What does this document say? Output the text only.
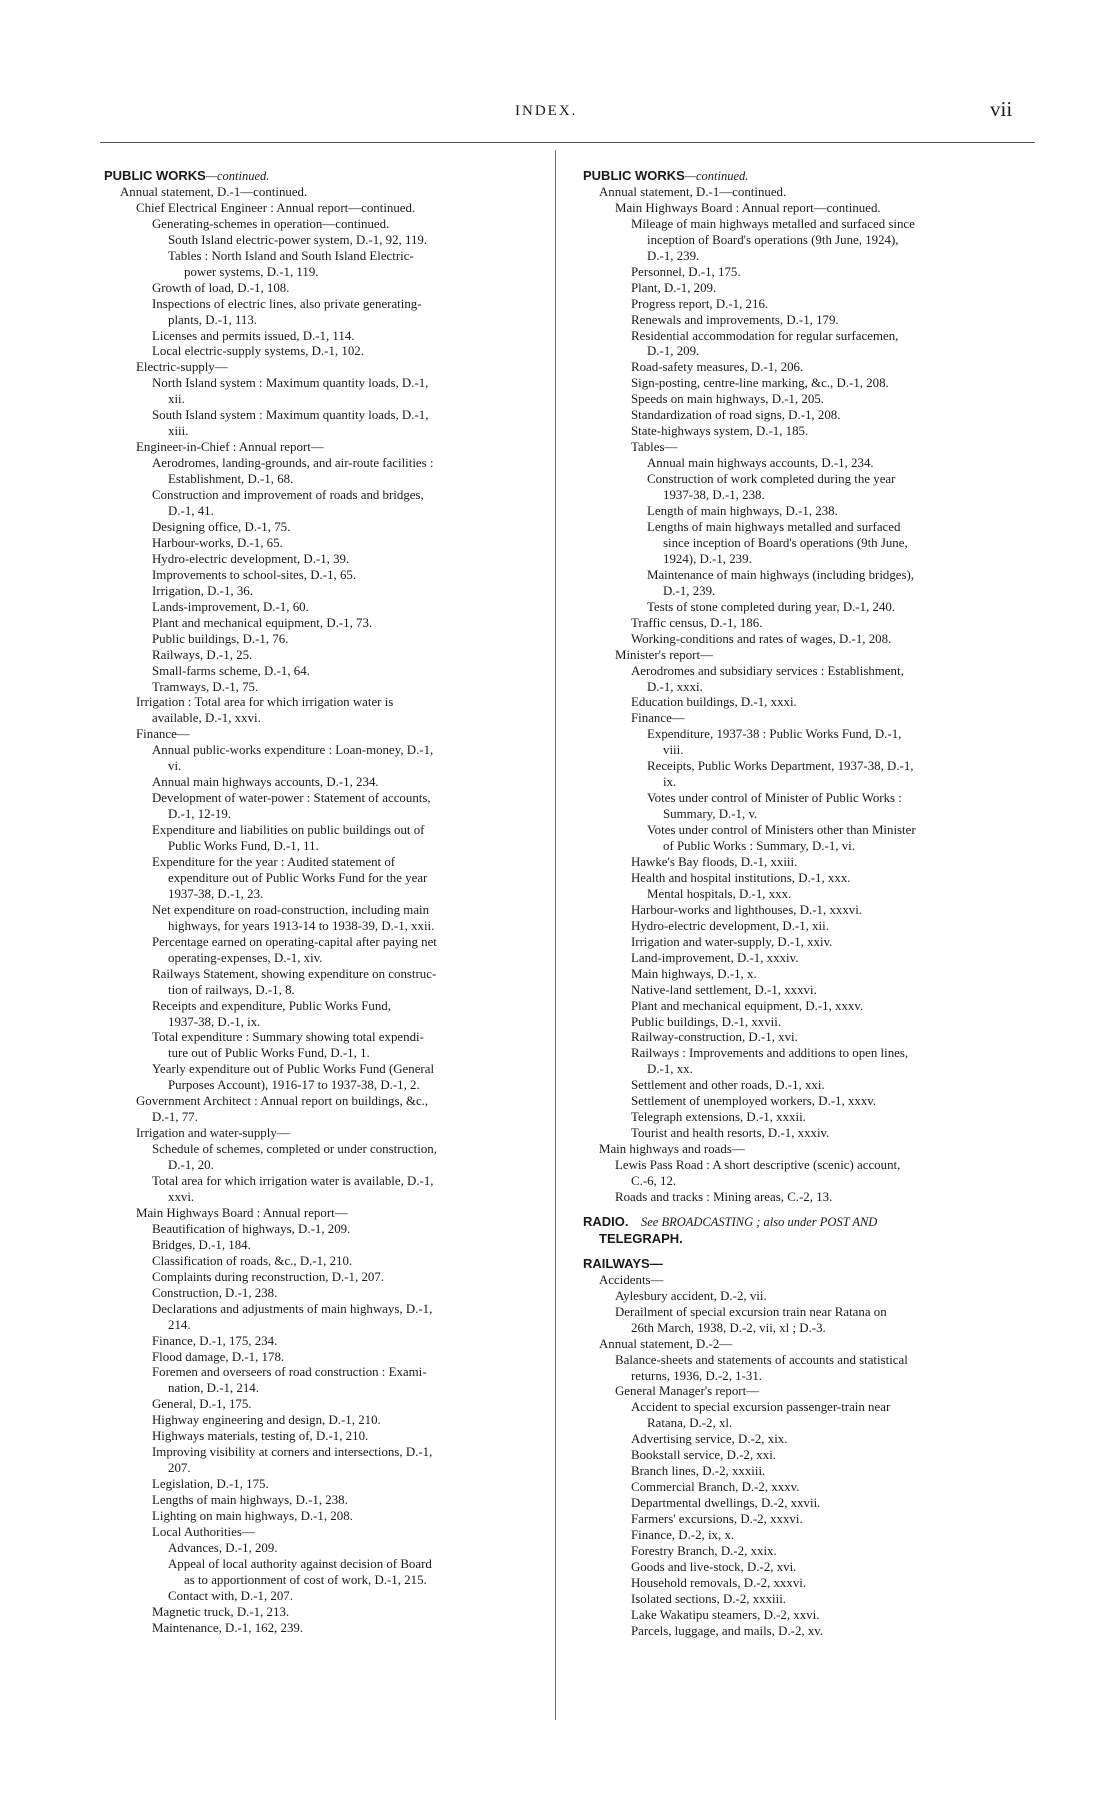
INDEX.	vii
PUBLIC WORKS—continued.
Annual statement, D.-1—continued.
Chief Electrical Engineer : Annual report—continued.
Generating-schemes in operation—continued.
South Island electric-power system, D.-1, 92, 119.
Tables : North Island and South Island Electric-
power systems, D.-1, 119.
Growth of load, D.-1, 108.
Inspections of electric lines, also private generating-
plants, D.-1, 113.
Licenses and permits issued, D.-1, 114.
Local electric-supply systems, D.-1, 102.
Electric-supply—
North Island system : Maximum quantity loads, D.-1,
xii.
South Island system : Maximum quantity loads, D.-1,
xiii.
Engineer-in-Chief : Annual report—
Aerodromes, landing-grounds, and air-route facilities :
Establishment, D.-1, 68.
Construction and improvement of roads and bridges,
D.-1, 41.
Designing office, D.-1, 75.
Harbour-works, D.-1, 65.
Hydro-electric development, D.-1, 39.
Improvements to school-sites, D.-1, 65.
Irrigation, D.-1, 36.
Lands-improvement, D.-1, 60.
Plant and mechanical equipment, D.-1, 73.
Public buildings, D.-1, 76.
Railways, D.-1, 25.
Small-farms scheme, D.-1, 64.
Tramways, D.-1, 75.
Irrigation : Total area for which irrigation water is
available, D.-1, xxvi.
Finance—
Annual public-works expenditure : Loan-money, D.-1,
vi.
Annual main highways accounts, D.-1, 234.
Development of water-power : Statement of accounts,
D.-1, 12-19.
Expenditure and liabilities on public buildings out of
Public Works Fund, D.-1, 11.
Expenditure for the year : Audited statement of
expenditure out of Public Works Fund for the year
1937-38, D.-1, 23.
Net expenditure on road-construction, including main
highways, for years 1913-14 to 1938-39, D.-1, xxii.
Percentage earned on operating-capital after paying net
operating-expenses, D.-1, xiv.
Railways Statement, showing expenditure on construc-
tion of railways, D.-1, 8.
Receipts and expenditure, Public Works Fund,
1937-38, D.-1, ix.
Total expenditure : Summary showing total expendi-
ture out of Public Works Fund, D.-1, 1.
Yearly expenditure out of Public Works Fund (General
Purposes Account), 1916-17 to 1937-38, D.-1, 2.
Government Architect : Annual report on buildings, &c.,
D.-1, 77.
Irrigation and water-supply—
Schedule of schemes, completed or under construction,
D.-1, 20.
Total area for which irrigation water is available, D.-1,
xxvi.
Main Highways Board : Annual report—
Beautification of highways, D.-1, 209.
Bridges, D.-1, 184.
Classification of roads, &c., D.-1, 210.
Complaints during reconstruction, D.-1, 207.
Construction, D.-1, 238.
Declarations and adjustments of main highways, D.-1,
214.
Finance, D.-1, 175, 234.
Flood damage, D.-1, 178.
Foremen and overseers of road construction : Exami-
nation, D.-1, 214.
General, D.-1, 175.
Highway engineering and design, D.-1, 210.
Highways materials, testing of, D.-1, 210.
Improving visibility at corners and intersections, D.-1,
207.
Legislation, D.-1, 175.
Lengths of main highways, D.-1, 238.
Lighting on main highways, D.-1, 208.
Local Authorities—
Advances, D.-1, 209.
Appeal of local authority against decision of Board
as to apportionment of cost of work, D.-1, 215.
Contact with, D.-1, 207.
Magnetic truck, D.-1, 213.
Maintenance, D.-1, 162, 239.
PUBLIC WORKS—continued.
Annual statement, D.-1—continued.
Main Highways Board : Annual report—continued.
Mileage of main highways metalled and surfaced since
inception of Board's operations (9th June, 1924),
D.-1, 239.
Personnel, D.-1, 175.
Plant, D.-1, 209.
Progress report, D.-1, 216.
Renewals and improvements, D.-1, 179.
Residential accommodation for regular surfacemen,
D.-1, 209.
Road-safety measures, D.-1, 206.
Sign-posting, centre-line marking, &c., D.-1, 208.
Speeds on main highways, D.-1, 205.
Standardization of road signs, D.-1, 208.
State-highways system, D.-1, 185.
Tables—
Annual main highways accounts, D.-1, 234.
Construction of work completed during the year
1937-38, D.-1, 238.
Length of main highways, D.-1, 238.
Lengths of main highways metalled and surfaced
since inception of Board's operations (9th June,
1924), D.-1, 239.
Maintenance of main highways (including bridges),
D.-1, 239.
Tests of stone completed during year, D.-1, 240.
Traffic census, D.-1, 186.
Working-conditions and rates of wages, D.-1, 208.
Minister's report—
Aerodromes and subsidiary services : Establishment,
D.-1, xxxi.
Education buildings, D.-1, xxxi.
Finance—
Expenditure, 1937-38 : Public Works Fund, D.-1,
viii.
Receipts, Public Works Department, 1937-38, D.-1,
ix.
Votes under control of Minister of Public Works :
Summary, D.-1, v.
Votes under control of Ministers other than Minister
of Public Works : Summary, D.-1, vi.
Hawke's Bay floods, D.-1, xxiii.
Health and hospital institutions, D.-1, xxx.
Mental hospitals, D.-1, xxx.
Harbour-works and lighthouses, D.-1, xxxvi.
Hydro-electric development, D.-1, xii.
Irrigation and water-supply, D.-1, xxiv.
Land-improvement, D.-1, xxxiv.
Main highways, D.-1, x.
Native-land settlement, D.-1, xxxvi.
Plant and mechanical equipment, D.-1, xxxv.
Public buildings, D.-1, xxvii.
Railway-construction, D.-1, xvi.
Railways : Improvements and additions to open lines,
D.-1, xx.
Settlement and other roads, D.-1, xxi.
Settlement of unemployed workers, D.-1, xxxv.
Telegraph extensions, D.-1, xxxii.
Tourist and health resorts, D.-1, xxxiv.
Main highways and roads—
Lewis Pass Road : A short descriptive (scenic) account,
C.-6, 12.
Roads and tracks : Mining areas, C.-2, 13.
RADIO. See BROADCASTING ; also under POST AND
TELEGRAPH.
RAILWAYS—
Accidents—
Aylesbury accident, D.-2, vii.
Derailment of special excursion train near Ratana on
26th March, 1938, D.-2, vii, xl ; D.-3.
Annual statement, D.-2—
Balance-sheets and statements of accounts and statistical
returns, 1936, D.-2, 1-31.
General Manager's report—
Accident to special excursion passenger-train near
Ratana, D.-2, xl.
Advertising service, D.-2, xix.
Bookstall service, D.-2, xxi.
Branch lines, D.-2, xxxiii.
Commercial Branch, D.-2, xxxv.
Departmental dwellings, D.-2, xxvii.
Farmers' excursions, D.-2, xxxvi.
Finance, D.-2, ix, x.
Forestry Branch, D.-2, xxix.
Goods and live-stock, D.-2, xvi.
Household removals, D.-2, xxxvi.
Isolated sections, D.-2, xxxiii.
Lake Wakatipu steamers, D.-2, xxvi.
Parcels, luggage, and mails, D.-2, xv.
